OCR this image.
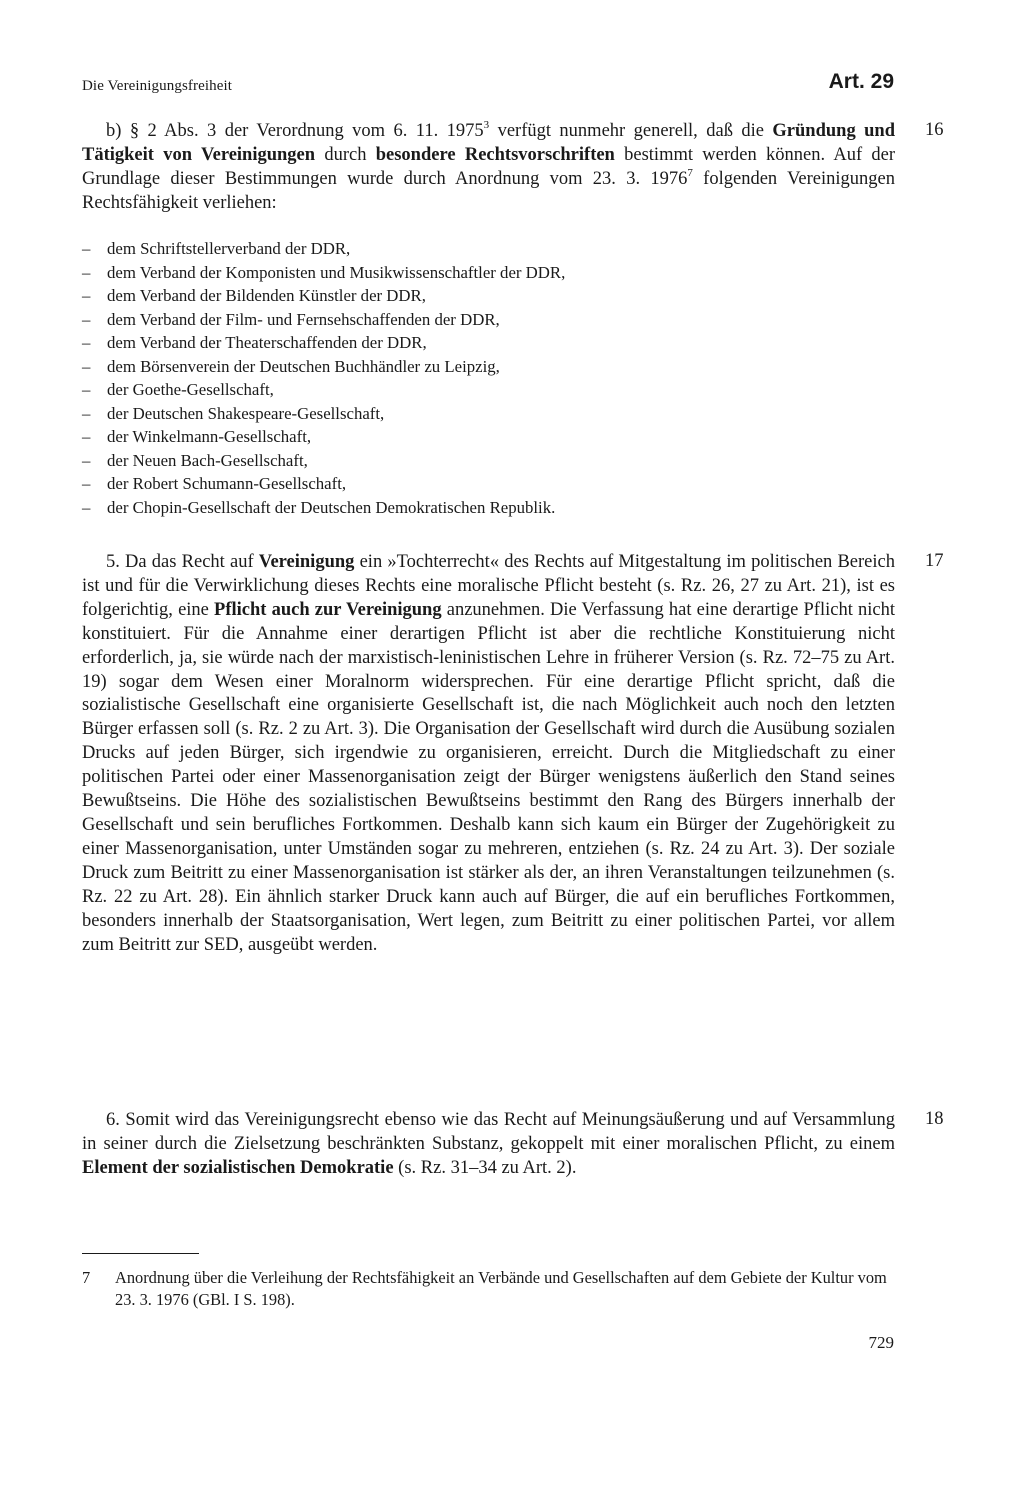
Die Vereinigungsfreiheit	Art. 29
16

b) § 2 Abs. 3 der Verordnung vom 6. 11. 1975$^3$ verfügt nunmehr generell, daß die Gründung und Tätigkeit von Vereinigungen durch besondere Rechtsvorschriften bestimmt werden können. Auf der Grundlage dieser Bestimmungen wurde durch Anordnung vom 23. 3. 1976$^7$ folgenden Vereinigungen Rechtsfähigkeit verliehen:

– dem Schriftstellerverband der DDR,
– dem Verband der Komponisten und Musikwissenschaftler der DDR,
– dem Verband der Bildenden Künstler der DDR,
– dem Verband der Film- und Fernsehschaffenden der DDR,
– dem Verband der Theaterschaffenden der DDR,
– dem Börsenverein der Deutschen Buchhändler zu Leipzig,
– der Goethe-Gesellschaft,
– der Deutschen Shakespeare-Gesellschaft,
– der Winkelmann-Gesellschaft,
– der Neuen Bach-Gesellschaft,
– der Robert Schumann-Gesellschaft,
– der Chopin-Gesellschaft der Deutschen Demokratischen Republik.
17

5. Da das Recht auf Vereinigung ein »Tochterrecht« des Rechts auf Mitgestaltung im politischen Bereich ist und für die Verwirklichung dieses Rechts eine moralische Pflicht besteht (s. Rz. 26, 27 zu Art. 21), ist es folgerichtig, eine Pflicht auch zur Vereinigung anzunehmen. Die Verfassung hat eine derartige Pflicht nicht konstituiert. Für die Annahme einer derartigen Pflicht ist aber die rechtliche Konstituierung nicht erforderlich, ja, sie würde nach der marxistisch-leninistischen Lehre in früherer Version (s. Rz. 72–75 zu Art. 19) sogar dem Wesen einer Moralnorm widersprechen. Für eine derartige Pflicht spricht, daß die sozialistische Gesellschaft eine organisierte Gesellschaft ist, die nach Möglichkeit auch noch den letzten Bürger erfassen soll (s. Rz. 2 zu Art. 3). Die Organisation der Gesellschaft wird durch die Ausübung sozialen Drucks auf jeden Bürger, sich irgendwie zu organisieren, erreicht. Durch die Mitgliedschaft zu einer politischen Partei oder einer Massenorganisation zeigt der Bürger wenigstens äußerlich den Stand seines Bewußtseins. Die Höhe des sozialistischen Bewußtseins bestimmt den Rang des Bürgers innerhalb der Gesellschaft und sein berufliches Fortkommen. Deshalb kann sich kaum ein Bürger der Zugehörigkeit zu einer Massenorganisation, unter Umständen sogar zu mehreren, entziehen (s. Rz. 24 zu Art. 3). Der soziale Druck zum Beitritt zu einer Massenorganisation ist stärker als der, an ihren Veranstaltungen teilzunehmen (s. Rz. 22 zu Art. 28). Ein ähnlich starker Druck kann auch auf Bürger, die auf ein berufliches Fortkommen, besonders innerhalb der Staatsorganisation, Wert legen, zum Beitritt zu einer politischen Partei, vor allem zum Beitritt zur SED, ausgeübt werden.

18

6. Somit wird das Vereinigungsrecht ebenso wie das Recht auf Meinungsäußerung und auf Versammlung in seiner durch die Zielsetzung beschränkten Substanz, gekoppelt mit einer moralischen Pflicht, zu einem Element der sozialistischen Demokratie (s. Rz. 31–34 zu Art. 2).

7	Anordnung über die Verleihung der Rechtsfähigkeit an Verbände und Gesellschaften auf dem Gebiete der Kultur vom 23. 3. 1976 (GBl. I S. 198).
729
